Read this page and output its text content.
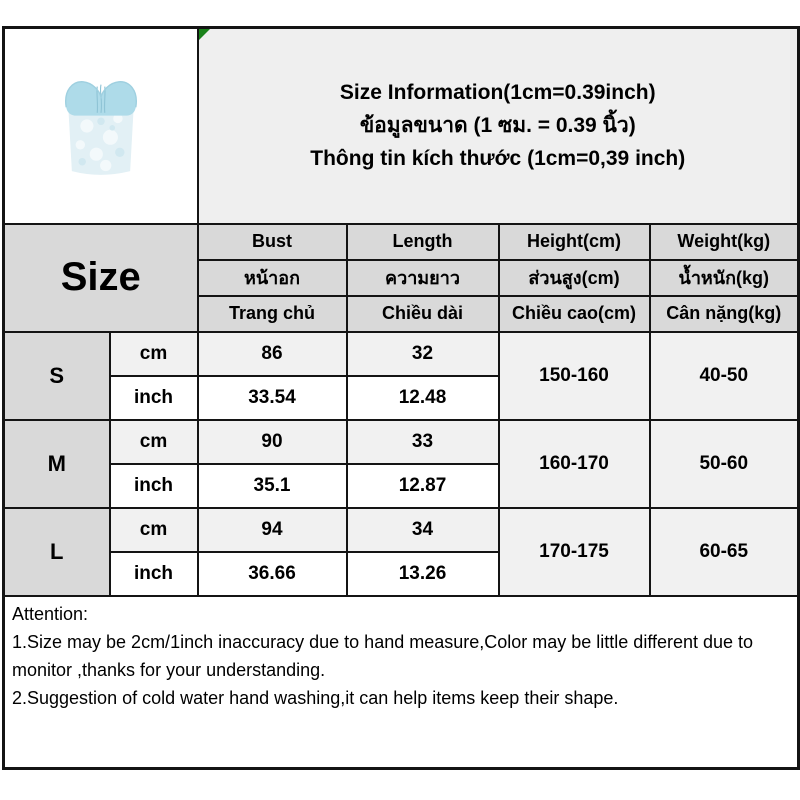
Size Information(1cm=0.39inch)
ข้อมูลขนาด (1 ซม. = 0.39 นิ้ว)
Thông tin kích thước (1cm=0,39 inch)			

Size		Bust	Length	Height(cm)	Weight(kg)
		หน้าอก	ความยาว	ส่วนสูง(cm)	น้ำหนัก(kg)
		Trang chủ	Chiều dài	Chiều cao(cm)	Cân nặng(kg)
S	cm	86	32	150-160	40-50
	inch	33.54	12.48		
M	cm	90	33	160-170	50-60
	inch	35.1	12.87		
L	cm	94	34	170-175	60-65
	inch	36.66	13.26		

Attention:
1.Size may be 2cm/1inch inaccuracy due to hand measure,Color may be little different due to monitor ,thanks for your understanding.
2.Suggestion of cold water hand washing,it can help items keep their shape.					
